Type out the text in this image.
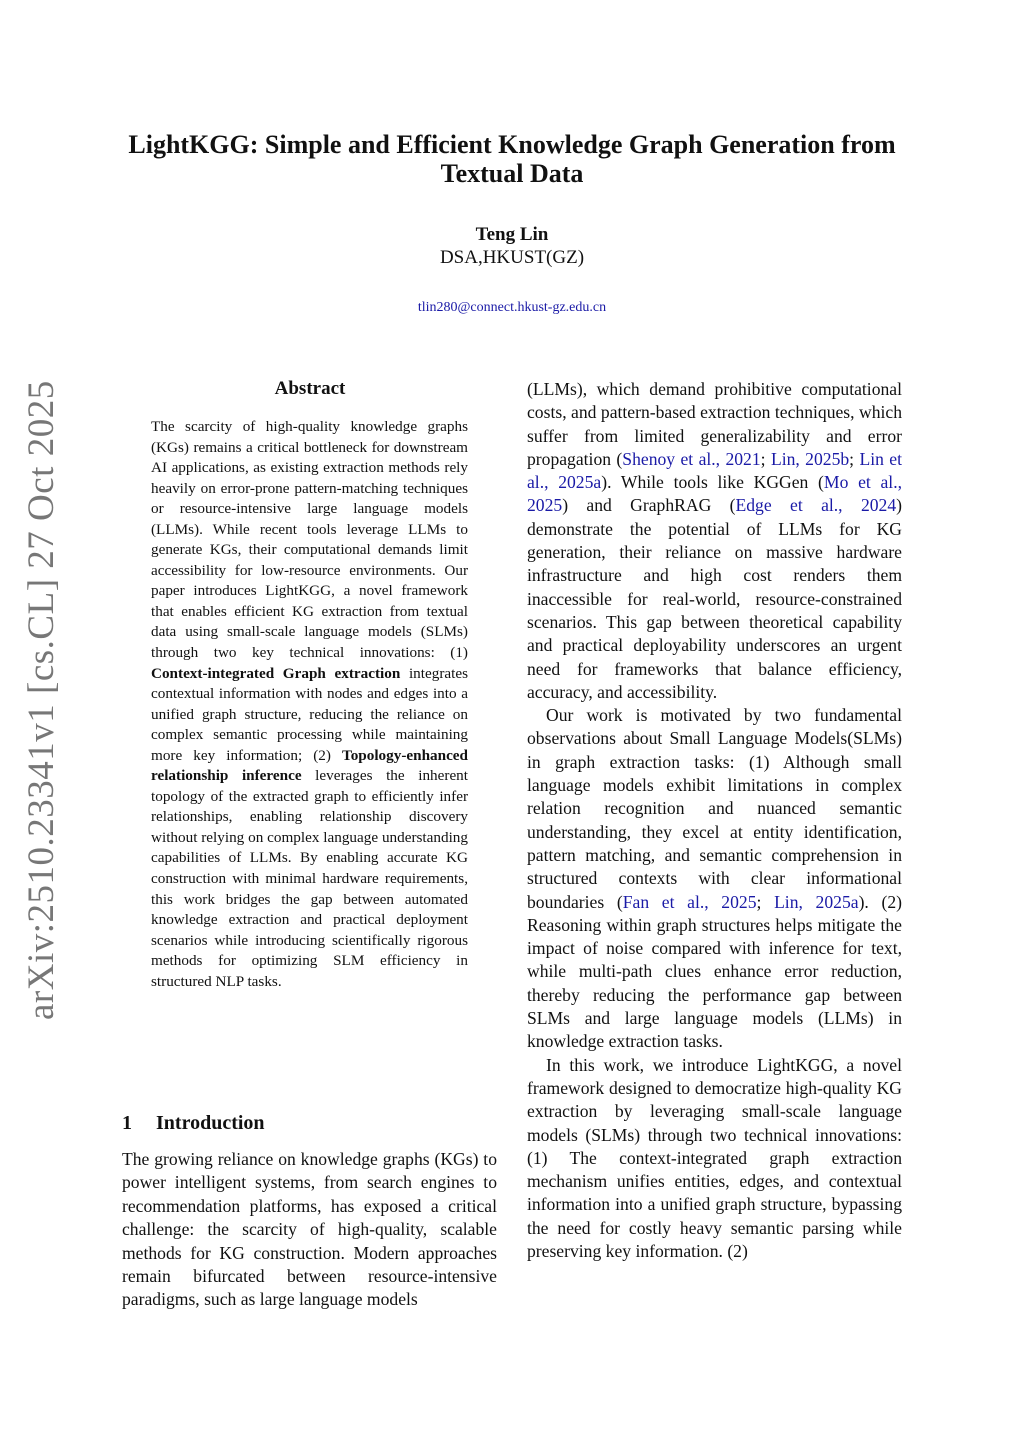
LightKGG: Simple and Efficient Knowledge Graph Generation from Textual Data
Teng Lin
DSA,HKUST(GZ)
tlin280@connect.hkust-gz.edu.cn
arXiv:2510.23341v1 [cs.CL] 27 Oct 2025	Abstract

The scarcity of high-quality knowledge graphs (KGs) remains a critical bottleneck for downstream AI applications, as existing extraction methods rely heavily on error-prone pattern-matching techniques or resource-intensive large language models (LLMs). While recent tools leverage LLMs to generate KGs, their computational demands limit accessibility for low-resource environments. Our paper introduces LightKGG, a novel framework that enables efficient KG extraction from textual data using small-scale language models (SLMs) through two key technical innovations: (1) Context-integrated Graph extraction integrates contextual information with nodes and edges into a unified graph structure, reducing the reliance on complex semantic processing while maintaining more key information; (2) Topology-enhanced relationship inference leverages the inherent topology of the extracted graph to efficiently infer relationships, enabling relationship discovery without relying on complex language understanding capabilities of LLMs. By enabling accurate KG construction with minimal hardware requirements, this work bridges the gap between automated knowledge extraction and practical deployment scenarios while introducing scientifically rigorous methods for optimizing SLM efficiency in structured NLP tasks.

1 Introduction

The growing reliance on knowledge graphs (KGs) to power intelligent systems, from search engines to recommendation platforms, has exposed a critical challenge: the scarcity of high-quality, scalable methods for KG construction. Modern approaches remain bifurcated between resource-intensive paradigms, such as large language models

(LLMs), which demand prohibitive computational costs, and pattern-based extraction techniques, which suffer from limited generalizability and error propagation (Shenoy et al., 2021; Lin, 2025b; Lin et al., 2025a). While tools like KGGen (Mo et al., 2025) and GraphRAG (Edge et al., 2024) demonstrate the potential of LLMs for KG generation, their reliance on massive hardware infrastructure and high cost renders them inaccessible for real-world, resource-constrained scenarios. This gap between theoretical capability and practical deployability underscores an urgent need for frameworks that balance efficiency, accuracy, and accessibility.

Our work is motivated by two fundamental observations about Small Language Models(SLMs) in graph extraction tasks: (1) Although small language models exhibit limitations in complex relation recognition and nuanced semantic understanding, they excel at entity identification, pattern matching, and semantic comprehension in structured contexts with clear informational boundaries (Fan et al., 2025; Lin, 2025a). (2) Reasoning within graph structures helps mitigate the impact of noise compared with inference for text, while multi-path clues enhance error reduction, thereby reducing the performance gap between SLMs and large language models (LLMs) in knowledge extraction tasks.

In this work, we introduce LightKGG, a novel framework designed to democratize high-quality KG extraction by leveraging small-scale language models (SLMs) through two technical innovations: (1) The context-integrated graph extraction mechanism unifies entities, edges, and contextual information into a unified graph structure, bypassing the need for costly heavy semantic parsing while preserving key information. (2)
